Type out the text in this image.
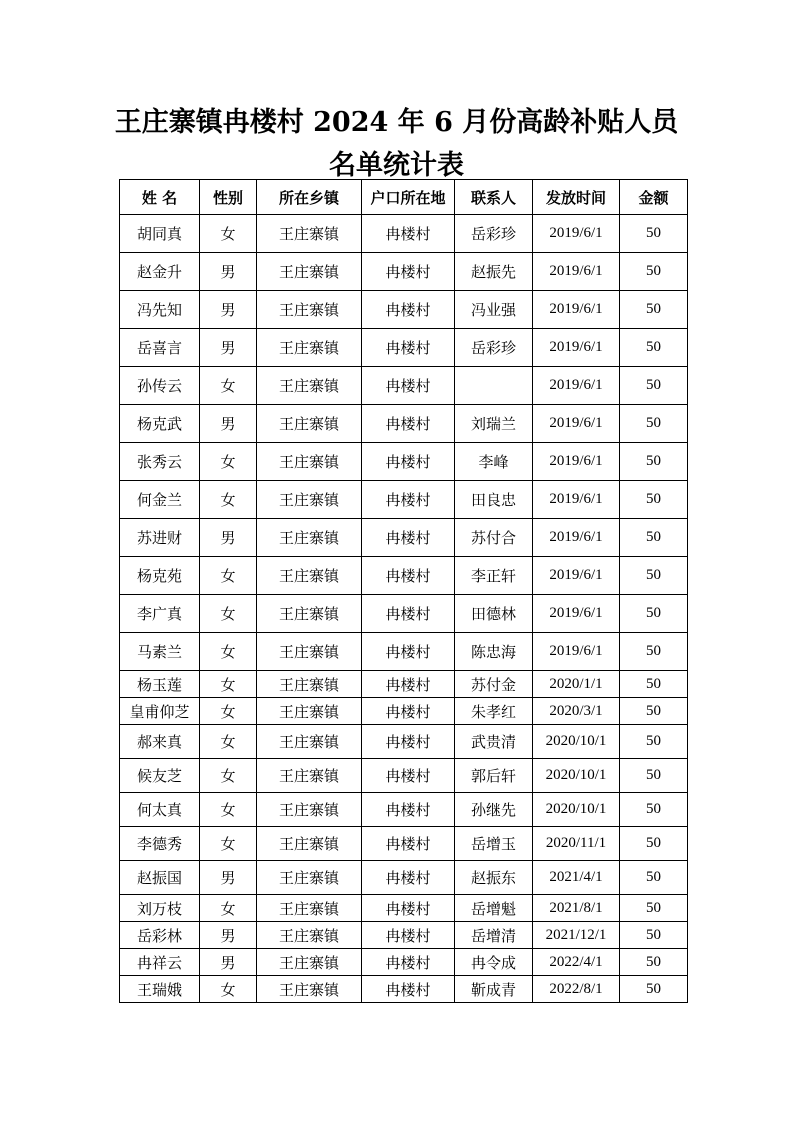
王庄寨镇冉楼村 2024 年 6 月份高龄补贴人员
名单统计表
姓 名	性别	所在乡镇	户口所在地	联系人	发放时间	金额
胡同真	女	王庄寨镇	冉楼村	岳彩珍	2019/6/1	50
赵金升	男	王庄寨镇	冉楼村	赵振先	2019/6/1	50
冯先知	男	王庄寨镇	冉楼村	冯业强	2019/6/1	50
岳喜言	男	王庄寨镇	冉楼村	岳彩珍	2019/6/1	50
孙传云	女	王庄寨镇	冉楼村		2019/6/1	50
杨克武	男	王庄寨镇	冉楼村	刘瑞兰	2019/6/1	50
张秀云	女	王庄寨镇	冉楼村	李峰	2019/6/1	50
何金兰	女	王庄寨镇	冉楼村	田良忠	2019/6/1	50
苏进财	男	王庄寨镇	冉楼村	苏付合	2019/6/1	50
杨克苑	女	王庄寨镇	冉楼村	李正轩	2019/6/1	50
李广真	女	王庄寨镇	冉楼村	田德林	2019/6/1	50
马素兰	女	王庄寨镇	冉楼村	陈忠海	2019/6/1	50
杨玉莲	女	王庄寨镇	冉楼村	苏付金	2020/1/1	50
皇甫仰芝	女	王庄寨镇	冉楼村	朱孝红	2020/3/1	50
郝来真	女	王庄寨镇	冉楼村	武贵清	2020/10/1	50
候友芝	女	王庄寨镇	冉楼村	郭后轩	2020/10/1	50
何太真	女	王庄寨镇	冉楼村	孙继先	2020/10/1	50
李德秀	女	王庄寨镇	冉楼村	岳增玉	2020/11/1	50
赵振国	男	王庄寨镇	冉楼村	赵振东	2021/4/1	50
刘万枝	女	王庄寨镇	冉楼村	岳增魁	2021/8/1	50
岳彩林	男	王庄寨镇	冉楼村	岳增清	2021/12/1	50
冉祥云	男	王庄寨镇	冉楼村	冉令成	2022/4/1	50
王瑞娥	女	王庄寨镇	冉楼村	靳成青	2022/8/1	50
